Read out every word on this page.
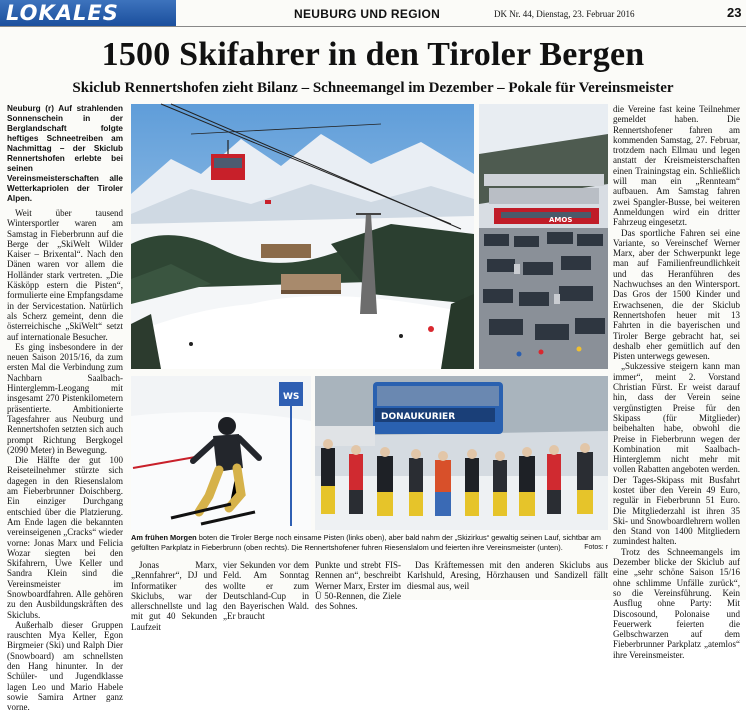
LOKALES	NEUBURG UND REGION	DK Nr. 44, Dienstag, 23. Februar 2016	23
1500 Skifahrer in den Tiroler Bergen
Skiclub Rennertshofen zieht Bilanz – Schneemangel im Dezember – Pokale für Vereinsmeister

Neuburg (r) Auf strahlenden Sonnenschein in der Berglandschaft folgte heftiges Schneetreiben am Nachmittag – der Skiclub Rennertshofen erlebte bei seinen Vereinsmeisterschaften alle Wetterkapriolen der Tiroler Alpen.

Weit über tausend Wintersportler waren am Samstag in Fieberbrunn auf die Berge der „SkiWelt Wilder Kaiser – Brixental“. Nach den Dänen waren vor allem die Holländer stark vertreten. „Die Käsköpp estern die Pisten“, formulierte eine Empfangsdame in der Servicestation. Natürlich als Scherz gemeint, denn die österreichische „SkiWelt“ setzt auf internationale Besucher.

Es ging insbesondere in der neuen Saison 2015/16, da zum ersten Mal die Verbindung zum Nachbarn Saalbach-Hinterglemm-Leogang mit insgesamt 270 Pistenkilometern präsentierte. Ambitionierte Tagesfahrer aus Neuburg und Rennertshofen setzten sich auch prompt Richtung Bergkogel (2090 Meter) in Bewegung.

Die Hälfte der gut 100 Reiseteilnehmer stürzte sich dagegen in den Riesenslalom am Fieberbrunner Doischberg. Ein einziger Durchgang entschied über die Platzierung. Am Ende lagen die bekannten vereinseigenen „Cracks“ wieder vorne: Jonas Marx und Felicia Wozar siegten bei den Skifahrern, Uwe Keller und Sandra Klein sind die Vereinsmeister im Snowboardfahren. Alle gehören zu den Ausbildungskräften des Skiclubs.

Außerhalb dieser Gruppen rauschten Mya Keller, Egon Birgmeier (Ski) und Ralph Dier (Snowboard) am schnellsten den Hang hinunter. In der Schüler- und Jugendklasse lagen Leo und Mario Habele sowie Samira Artner ganz vorne.

AMOS
WS
DONAUKURIER
Am frühen Morgen boten die Tiroler Berge noch einsame Pisten (links oben), aber bald nahm der „Skizirkus“ gewaltig seinen Lauf, sichtbar am gefüllten Parkplatz in Fieberbrunn (oben rechts). Die Rennertshofener fuhren Riesenslalom und feierten ihre Vereinsmeister (unten).	Fotos: r

Jonas Marx, „Rennfahrer“, DJ und Informatiker des Skiclubs, war der allerschnellste und lag mit gut 40 Sekunden Laufzeit

vier Sekunden vor dem Feld. Am Sonntag wollte er zum Deutschland-Cup in den Bayerischen Wald. „Er braucht

Punkte und strebt FIS-Rennen an“, beschreibt Werner Marx, Erster im Ü 50-Rennen, die Ziele des Sohnes.

Das Kräftemessen mit den anderen Skiclubs aus Karlshuld, Aresing, Hörzhausen und Sandizell fällt diesmal aus, weil

die Vereine fast keine Teilnehmer gemeldet haben. Die Rennertshofener fahren am kommenden Samstag, 27. Februar, trotzdem nach Ellmau und legen anstatt der Kreismeisterschaften einen Trainingstag ein. Schließlich will man ein „Rennteam“ aufbauen. Am Samstag fahren zwei Spangler-Busse, bei weiteren Anmeldungen wird ein dritter Fahrzeug eingesetzt.

Das sportliche Fahren sei eine Variante, so Vereinschef Werner Marx, aber der Schwerpunkt lege man auf Familienfreundlichkeit und das Heranführen des Nachwuchses an den Wintersport. Das Gros der 1500 Kinder und Erwachsenen, die der Skiclub Rennertshofen heuer mit 13 Fahrten in die bayerischen und Tiroler Berge gebracht hat, sei deshalb eher gemütlich auf den Pisten unterwegs gewesen.

„Sukzessive steigern kann man immer“, meint 2. Vorstand Christian Fürst. Er weist darauf hin, dass der Verein seine vergünstigten Preise für den Skipass (für Mitglieder) beibehalten habe, obwohl die Preise in Fieberbrunn wegen der Kombination mit Saalbach-Hinterglemm nicht mehr mit vollen Rabatten angeboten werden. Der Tages-Skipass mit Busfahrt kostet über den Verein 49 Euro, regulär in Fieberbrunn 51 Euro. Die Mitgliederzahl ist ihren 35 Ski- und Snowboardlehrern wollen den Stand von 1400 Mitgliedern zumindest halten.

Trotz des Schneemangels im Dezember blicke der Skiclub auf eine „sehr schöne Saison 15/16 ohne schlimme Unfälle zurück“, so die Vereinsführung. Kein Ausflug ohne Party: Mit Discosound, Polonaise und Feuerwerk feierten die Gelbschwarzen auf dem Fieberbrunner Parkplatz „atemlos“ ihre Vereinsmeister.
